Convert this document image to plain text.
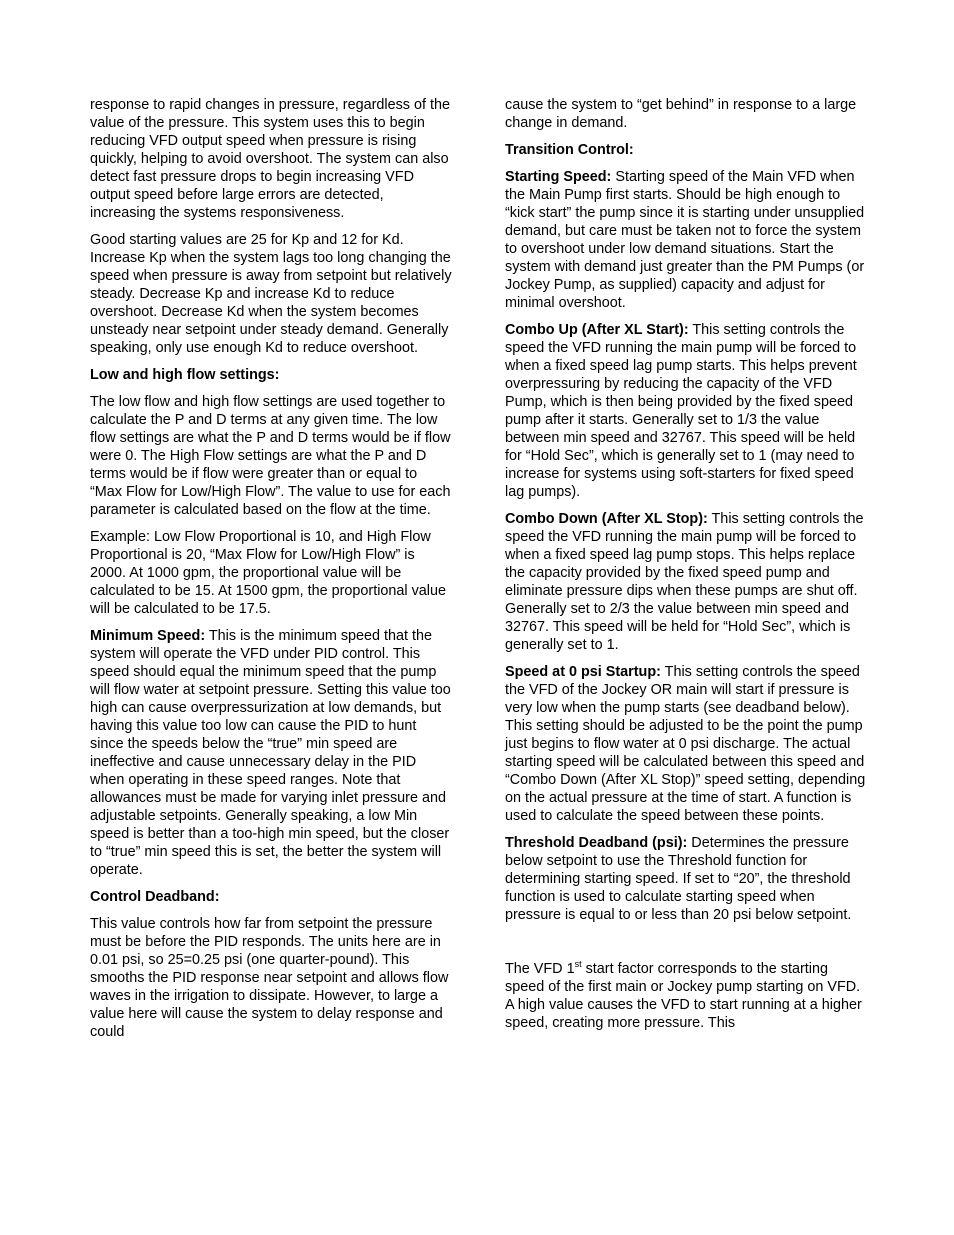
response to rapid changes in pressure, regardless of the value of the pressure. This system uses this to begin reducing VFD output speed when pressure is rising quickly, helping to avoid overshoot. The system can also detect fast pressure drops to begin increasing VFD output speed before large errors are detected, increasing the systems responsiveness.

Good starting values are 25 for Kp and 12 for Kd. Increase Kp when the system lags too long changing the speed when pressure is away from setpoint but relatively steady. Decrease Kp and increase Kd to reduce overshoot. Decrease Kd when the system becomes unsteady near setpoint under steady demand. Generally speaking, only use enough Kd to reduce overshoot.

Low and high flow settings:

The low flow and high flow settings are used together to calculate the P and D terms at any given time. The low flow settings are what the P and D terms would be if flow were 0. The High Flow settings are what the P and D terms would be if flow were greater than or equal to “Max Flow for Low/High Flow”. The value to use for each parameter is calculated based on the flow at the time.

Example: Low Flow Proportional is 10, and High Flow Proportional is 20, “Max Flow for Low/High Flow” is 2000. At 1000 gpm, the proportional value will be calculated to be 15. At 1500 gpm, the proportional value will be calculated to be 17.5.

Minimum Speed: This is the minimum speed that the system will operate the VFD under PID control. This speed should equal the minimum speed that the pump will flow water at setpoint pressure. Setting this value too high can cause overpressurization at low demands, but having this value too low can cause the PID to hunt since the speeds below the “true” min speed are ineffective and cause unnecessary delay in the PID when operating in these speed ranges. Note that allowances must be made for varying inlet pressure and adjustable setpoints. Generally speaking, a low Min speed is better than a too-high min speed, but the closer to “true” min speed this is set, the better the system will operate.

Control Deadband:

This value controls how far from setpoint the pressure must be before the PID responds. The units here are in 0.01 psi, so 25=0.25 psi (one quarter-pound). This smooths the PID response near setpoint and allows flow waves in the irrigation to dissipate. However, to large a value here will cause the system to delay response and could

cause the system to “get behind” in response to a large change in demand.

Transition Control:

Starting Speed: Starting speed of the Main VFD when the Main Pump first starts. Should be high enough to “kick start” the pump since it is starting under unsupplied demand, but care must be taken not to force the system to overshoot under low demand situations. Start the system with demand just greater than the PM Pumps (or Jockey Pump, as supplied) capacity and adjust for minimal overshoot.

Combo Up (After XL Start): This setting controls the speed the VFD running the main pump will be forced to when a fixed speed lag pump starts. This helps prevent overpressuring by reducing the capacity of the VFD Pump, which is then being provided by the fixed speed pump after it starts. Generally set to 1/3 the value between min speed and 32767. This speed will be held for “Hold Sec”, which is generally set to 1 (may need to increase for systems using soft-starters for fixed speed lag pumps).

Combo Down (After XL Stop): This setting controls the speed the VFD running the main pump will be forced to when a fixed speed lag pump stops. This helps replace the capacity provided by the fixed speed pump and eliminate pressure dips when these pumps are shut off. Generally set to 2/3 the value between min speed and 32767. This speed will be held for “Hold Sec”, which is generally set to 1.

Speed at 0 psi Startup: This setting controls the speed the VFD of the Jockey OR main will start if pressure is very low when the pump starts (see deadband below). This setting should be adjusted to be the point the pump just begins to flow water at 0 psi discharge. The actual starting speed will be calculated between this speed and “Combo Down (After XL Stop)” speed setting, depending on the actual pressure at the time of start. A function is used to calculate the speed between these points.

Threshold Deadband (psi): Determines the pressure below setpoint to use the Threshold function for determining starting speed. If set to “20”, the threshold function is used to calculate starting speed when pressure is equal to or less than 20 psi below setpoint.

The VFD 1st start factor corresponds to the starting speed of the first main or Jockey pump starting on VFD. A high value causes the VFD to start running at a higher speed, creating more pressure. This
